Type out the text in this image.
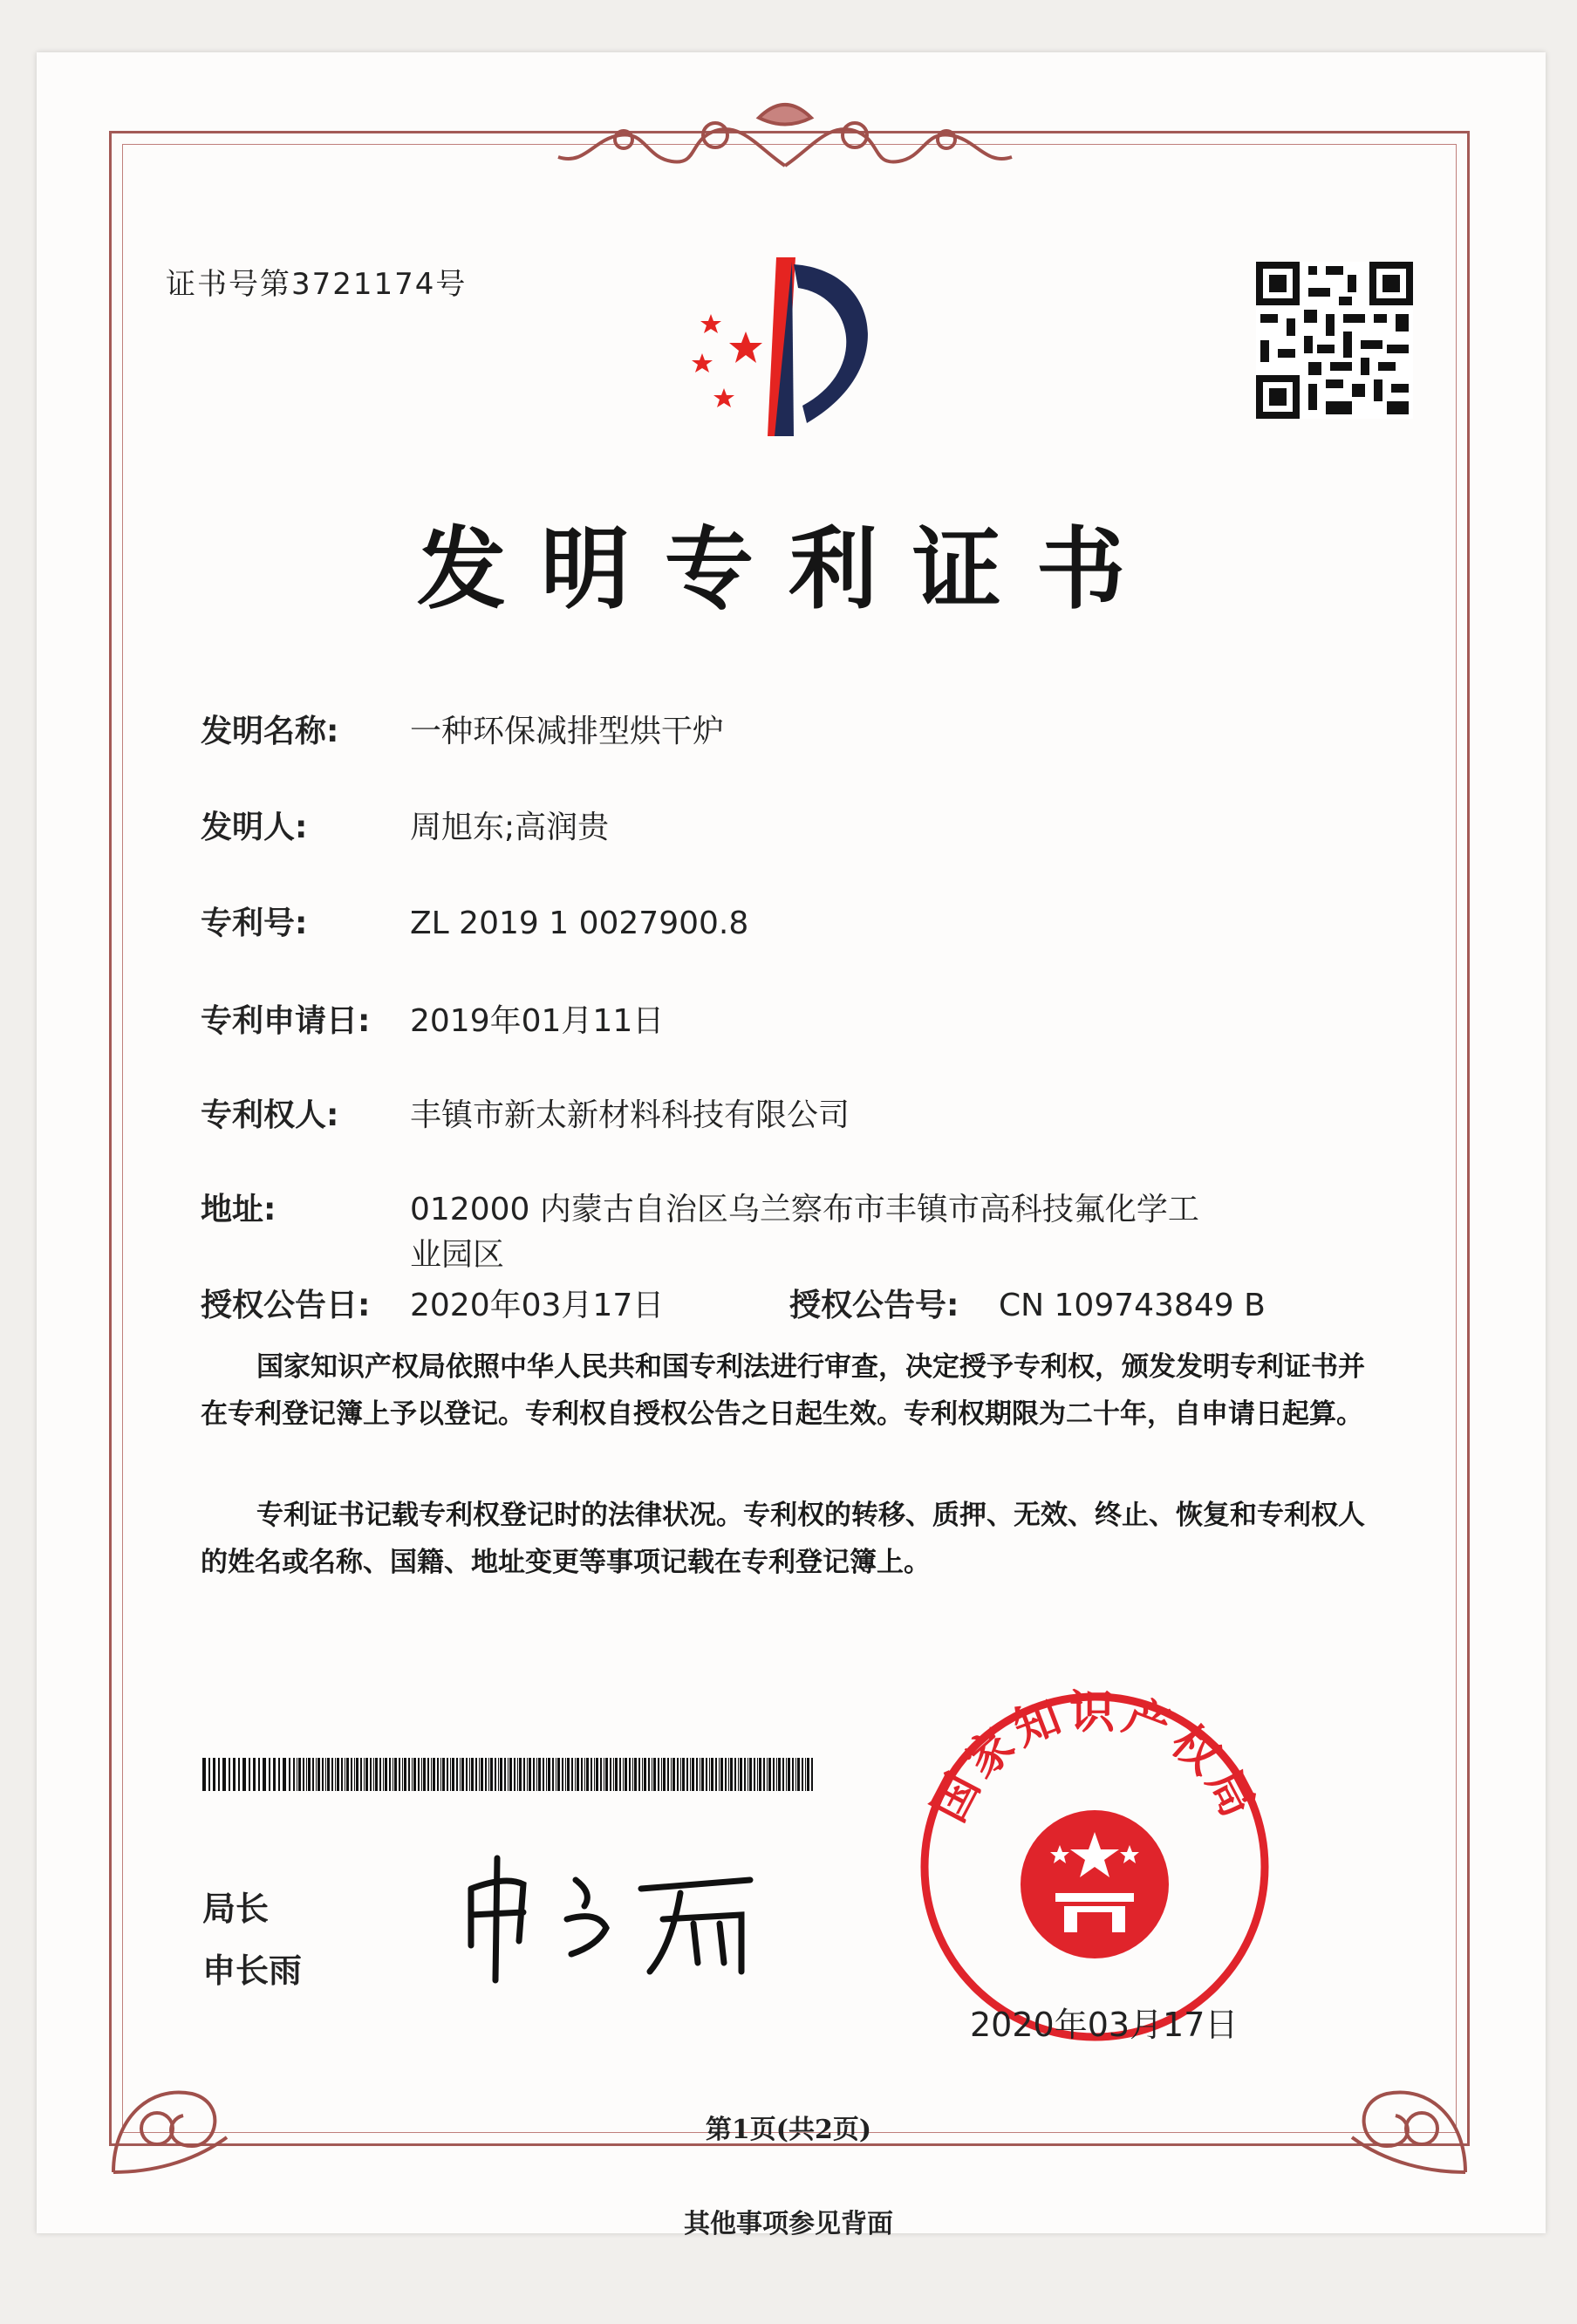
证书号第3721174号
发明专利证书
发明名称: 一种环保减排型烘干炉
发明人:	周旭东;高润贵
专利号:	ZL 2019 1 0027900.8
专利申请日: 2019年01月11日
专利权人: 丰镇市新太新材料科技有限公司
地址:	012000 内蒙古自治区乌兰察布市丰镇市高科技氟化学工
业园区
授权公告日: 2020年03月17日	授权公告号: CN 109743849 B
国家知识产权局依照中华人民共和国专利法进行审查，决定授予专利权，颁发发明专利证书并在专利登记簿上予以登记。专利权自授权公告之日起生效。专利权期限为二十年，自申请日起算。
专利证书记载专利权登记时的法律状况。专利权的转移、质押、无效、终止、恢复和专利权人的姓名或名称、国籍、地址变更等事项记载在专利登记簿上。
局长
申长雨
国家知识产权局
2020年03月17日
第1页(共2页)
其他事项参见背面
